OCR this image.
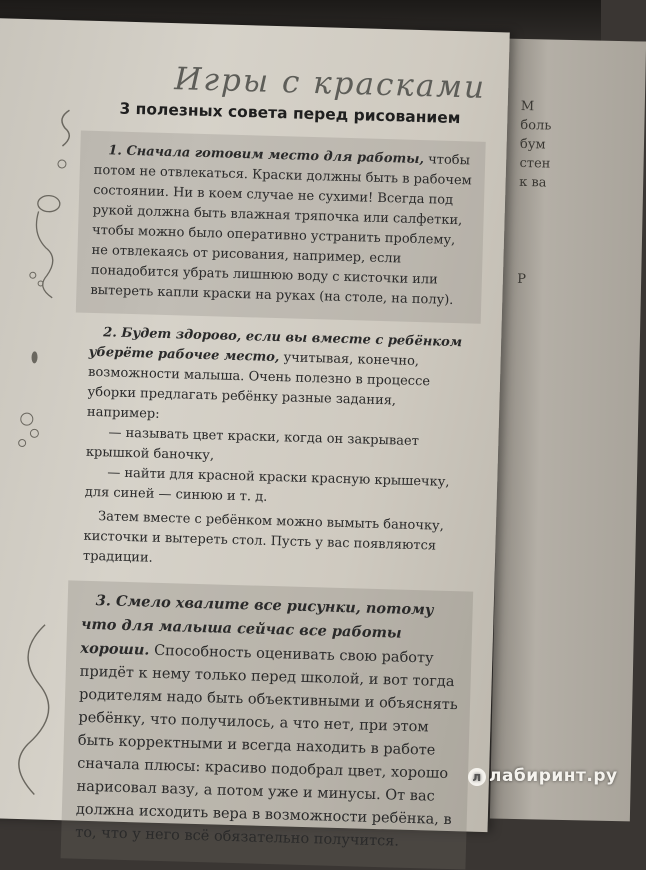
М
боль
бум
стен
к ва
Р
Игры с красками
3 полезных совета перед рисованием

1. Сначала готовим место для работы, чтобы потом не отвлекаться. Краски должны быть в рабочем состоянии. Ни в коем случае не сухими! Всегда под рукой должна быть влажная тряпочка или салфетки, чтобы можно было оперативно устранить проблему, не отвлекаясь от рисования, например, если понадобится убрать лишнюю воду с кисточки или вытереть капли краски на руках (на столе, на полу).

2. Будет здорово, если вы вместе с ребёнком уберёте рабочее место, учитывая, конечно, возможности малыша. Очень полезно в процессе уборки предлагать ребёнку разные задания, например:

— называть цвет краски, когда он закрывает крышкой баночку,

— найти для красной краски красную крышечку, для синей — синюю и т. д.

Затем вместе с ребёнком можно вымыть баночку, кисточки и вытереть стол. Пусть у вас появляются традиции.

3. Смело хвалите все рисунки, потому что для малыша сейчас все работы хороши. Способность оценивать свою работу придёт к нему только перед школой, и вот тогда родителям надо быть объективными и объяснять ребёнку, что получилось, а что нет, при этом быть корректными и всегда находить в работе сначала плюсы: красиво подобрал цвет, хорошо нарисовал вазу, а потом уже и минусы. От вас должна исходить вера в возможности ребёнка, в то, что у него всё обязательно получится.

л лабиринт.ру
